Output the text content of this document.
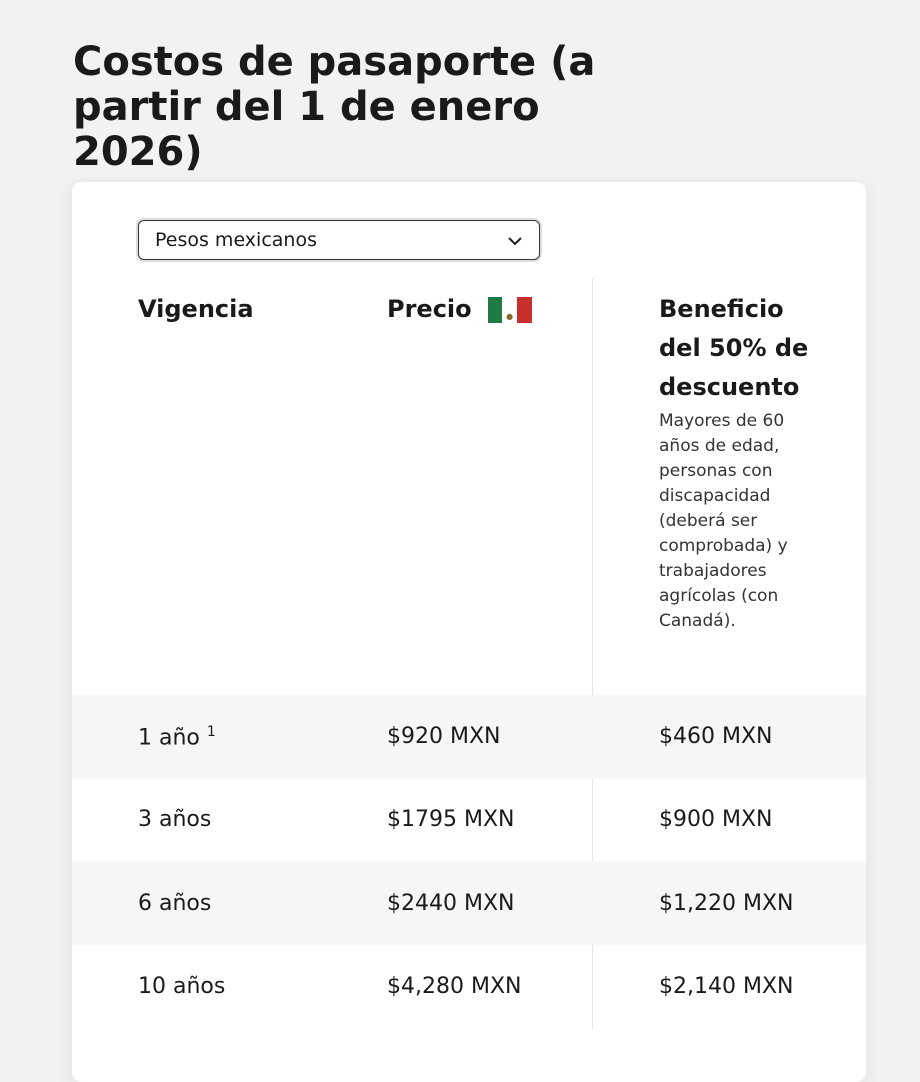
Costos de pasaporte (a partir del 1 de enero 2026)
Pesos mexicanos
Vigencia	Precio	●	Beneficio del 50% de descuento
Mayores de 60 años de edad, personas con discapacidad (deberá ser comprobada) y trabajadores agrícolas (con Canadá).
1 año $^1$	$920 MXN	$460 MXN
3 años	$1795 MXN	$900 MXN
6 años	$2440 MXN	$1,220 MXN
10 años	$4,280 MXN	$2,140 MXN
